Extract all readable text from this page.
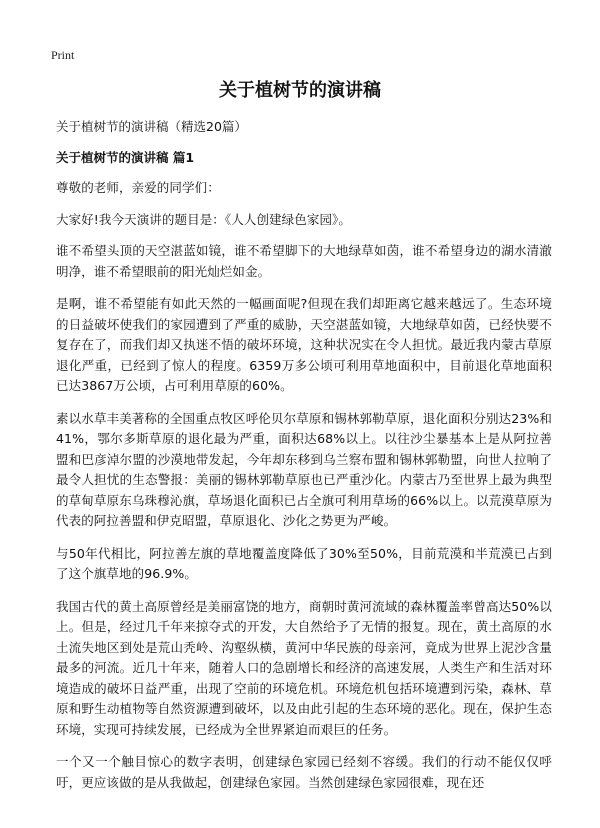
Print
关于植树节的演讲稿

关于植树节的演讲稿（精选20篇）

关于植树节的演讲稿 篇1

尊敬的老师，亲爱的同学们：

大家好!我今天演讲的题目是：《人人创建绿色家园》。

谁不希望头顶的天空湛蓝如镜，谁不希望脚下的大地绿草如茵，谁不希望身边的湖水清澈明净，谁不希望眼前的阳光灿烂如金。

是啊，谁不希望能有如此天然的一幅画面呢?但现在我们却距离它越来越远了。生态环境的日益破坏使我们的家园遭到了严重的威胁，天空湛蓝如镜，大地绿草如茵，已经快要不复存在了，而我们却又执迷不悟的破坏环境，这种状况实在令人担忧。最近我内蒙古草原退化严重，已经到了惊人的程度。6359万多公顷可利用草地面积中，目前退化草地面积已达3867万公顷，占可利用草原的60%。

素以水草丰美著称的全国重点牧区呼伦贝尔草原和锡林郭勒草原，退化面积分别达23%和41%，鄂尔多斯草原的退化最为严重，面积达68%以上。以往沙尘暴基本上是从阿拉善盟和巴彦淖尔盟的沙漠地带发起，今年却东移到乌兰察布盟和锡林郭勒盟，向世人拉响了最令人担忧的生态警报：美丽的锡林郭勒草原也已严重沙化。内蒙古乃至世界上最为典型的草甸草原东乌珠穆沁旗，草场退化面积已占全旗可利用草场的66%以上。以荒漠草原为代表的阿拉善盟和伊克昭盟，草原退化、沙化之势更为严峻。

与50年代相比，阿拉善左旗的草地覆盖度降低了30%至50%，目前荒漠和半荒漠已占到了这个旗草地的96.9%。

我国古代的黄土高原曾经是美丽富饶的地方，商朝时黄河流域的森林覆盖率曾高达50%以上。但是，经过几千年来掠夺式的开发，大自然给予了无情的报复。现在，黄土高原的水土流失地区到处是荒山秃岭、沟壑纵横，黄河中华民族的母亲河，竟成为世界上泥沙含量最多的河流。近几十年来，随着人口的急剧增长和经济的高速发展，人类生产和生活对环境造成的破坏日益严重，出现了空前的环境危机。环境危机包括环境遭到污染，森林、草原和野生动植物等自然资源遭到破坏，以及由此引起的生态环境的恶化。现在，保护生态环境，实现可持续发展，已经成为全世界紧迫而艰巨的任务。

一个又一个触目惊心的数字表明，创建绿色家园已经刻不容缓。我们的行动不能仅仅呼吁，更应该做的是从我做起，创建绿色家园。当然创建绿色家园很难，现在还
